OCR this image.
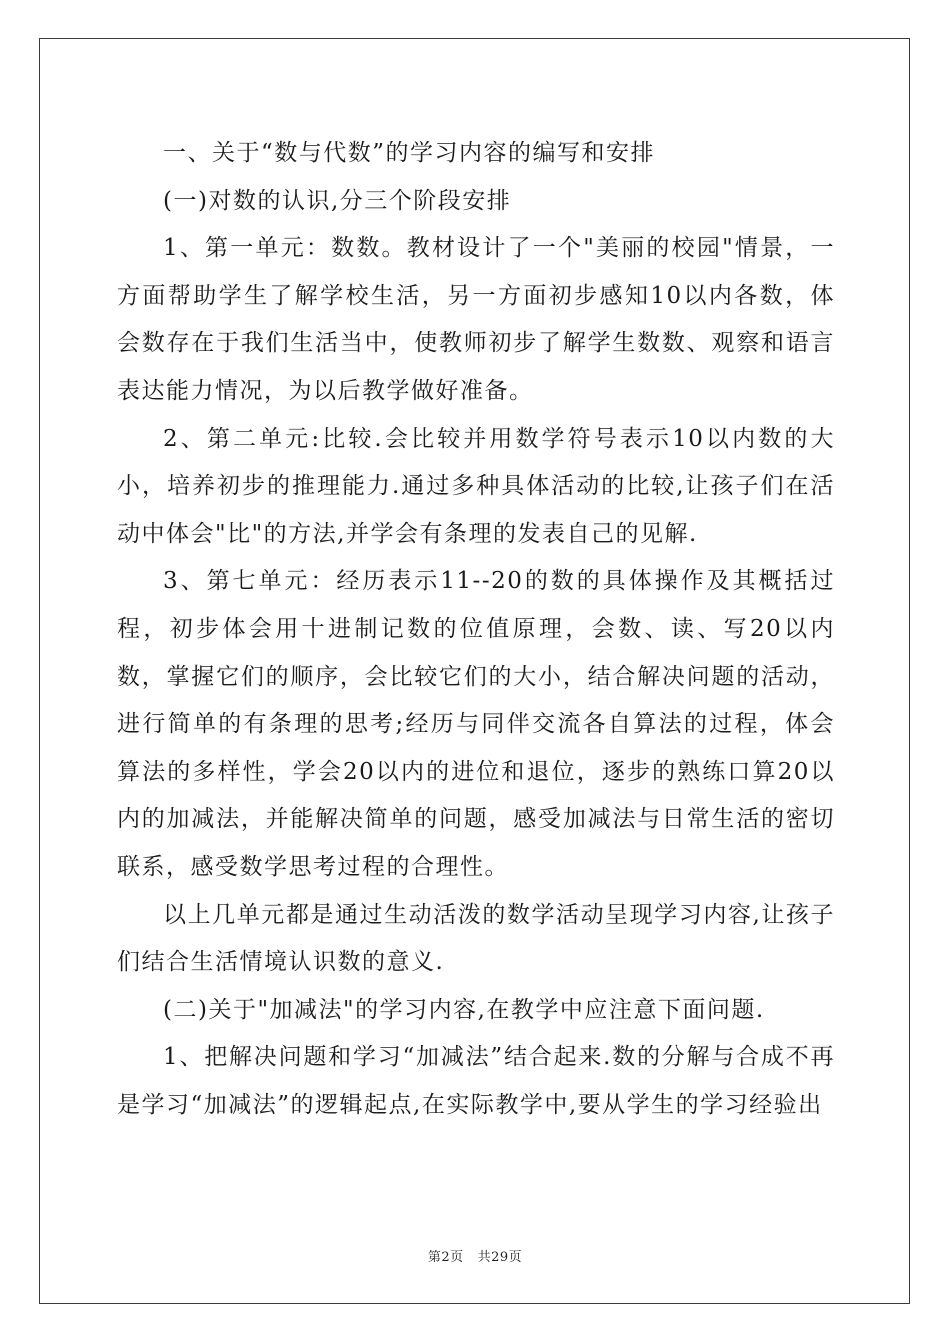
一、关于“数与代数”的学习内容的编写和安排

(一)对数的认识,分三个阶段安排

1、第一单元：数数。教材设计了一个"美丽的校园"情景，一方面帮助学生了解学校生活，另一方面初步感知10以内各数，体会数存在于我们生活当中，使教师初步了解学生数数、观察和语言表达能力情况，为以后教学做好准备。

2、第二单元:比较.会比较并用数学符号表示10以内数的大小，培养初步的推理能力.通过多种具体活动的比较,让孩子们在活动中体会"比"的方法,并学会有条理的发表自己的见解.

3、第七单元：经历表示11--20的数的具体操作及其概括过程，初步体会用十进制记数的位值原理，会数、读、写20以内数，掌握它们的顺序，会比较它们的大小，结合解决问题的活动，进行简单的有条理的思考;经历与同伴交流各自算法的过程，体会算法的多样性，学会20以内的进位和退位，逐步的熟练口算20以内的加减法，并能解决简单的问题，感受加减法与日常生活的密切联系，感受数学思考过程的合理性。

以上几单元都是通过生动活泼的数学活动呈现学习内容,让孩子们结合生活情境认识数的意义.

(二)关于"加减法"的学习内容,在教学中应注意下面问题.

1、把解决问题和学习“加减法”结合起来.数的分解与合成不再是学习“加减法”的逻辑起点,在实际教学中,要从学生的学习经验出

第2页 共29页
